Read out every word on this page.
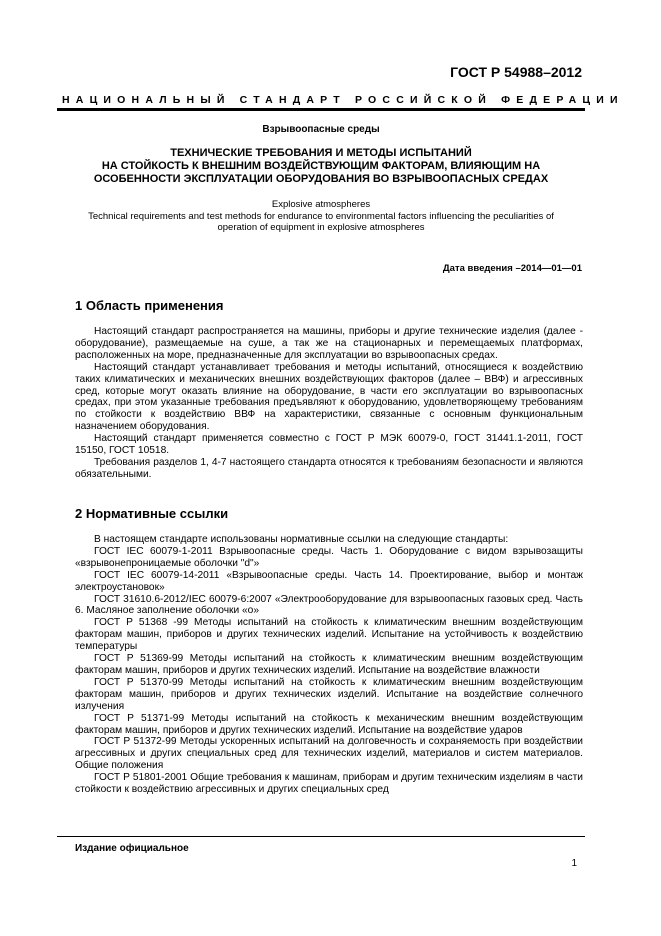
ГОСТ Р 54988–2012
НАЦИОНАЛЬНЫЙ СТАНДАРТ РОССИЙСКОЙ ФЕДЕРАЦИИ
Взрывоопасные среды
ТЕХНИЧЕСКИЕ ТРЕБОВАНИЯ И МЕТОДЫ ИСПЫТАНИЙ
НА СТОЙКОСТЬ К ВНЕШНИМ ВОЗДЕЙСТВУЮЩИМ ФАКТОРАМ, ВЛИЯЮЩИМ НА
ОСОБЕННОСТИ ЭКСПЛУАТАЦИИ ОБОРУДОВАНИЯ ВО ВЗРЫВООПАСНЫХ СРЕДАХ
Explosive atmospheres
Technical requirements and test methods for endurance to environmental factors influencing the peculiarities of
operation of equipment in explosive atmospheres
Дата введения –2014—01—01
1 Область применения

Настоящий стандарт распространяется на машины, приборы и другие технические изделия (далее - оборудование), размещаемые на суше, а так же на стационарных и перемещаемых платформах, расположенных на море, предназначенные для эксплуатации во взрывоопасных средах.

Настоящий стандарт устанавливает требования и методы испытаний, относящиеся к воздействию таких климатических и механических внешних воздействующих факторов (далее – ВВФ) и агрессивных сред, которые могут оказать влияние на оборудование, в части его эксплуатации во взрывоопасных средах, при этом указанные требования предъявляют к оборудованию, удовлетворяющему требованиям по стойкости к воздействию ВВФ на характеристики, связанные с основным функциональным назначением оборудования.

Настоящий стандарт применяется совместно с ГОСТ Р МЭК 60079-0, ГОСТ 31441.1-2011, ГОСТ 15150, ГОСТ 10518.

Требования разделов 1, 4-7 настоящего стандарта относятся к требованиям безопасности и являются обязательными.

2 Нормативные ссылки

В настоящем стандарте использованы нормативные ссылки на следующие стандарты:

ГОСТ IEC 60079-1-2011 Взрывоопасные среды. Часть 1. Оборудование с видом взрывозащиты «взрывонепроницаемые оболочки "d"»

ГОСТ IEC 60079-14-2011 «Взрывоопасные среды. Часть 14. Проектирование, выбор и монтаж электроустановок»

ГОСТ 31610.6-2012/IEC 60079-6:2007 «Электрооборудование для взрывоопасных газовых сред. Часть 6. Масляное заполнение оболочки «о»

ГОСТ Р 51368 -99 Методы испытаний на стойкость к климатическим внешним воздействующим факторам машин, приборов и других технических изделий. Испытание на устойчивость к воздействию температуры

ГОСТ Р 51369-99 Методы испытаний на стойкость к климатическим внешним воздействующим факторам машин, приборов и других технических изделий. Испытание на воздействие влажности

ГОСТ Р 51370-99 Методы испытаний на стойкость к климатическим внешним воздействующим факторам машин, приборов и других технических изделий. Испытание на воздействие солнечного излучения

ГОСТ Р 51371-99 Методы испытаний на стойкость к механическим внешним воздействующим факторам машин, приборов и других технических изделий. Испытание на воздействие ударов

ГОСТ Р 51372-99 Методы ускоренных испытаний на долговечность и сохраняемость при воздействии агрессивных и других специальных сред для технических изделий, материалов и систем материалов. Общие положения

ГОСТ Р 51801-2001 Общие требования к машинам, приборам и другим техническим изделиям в части стойкости к воздействию агрессивных и других специальных сред

Издание официальное
1
